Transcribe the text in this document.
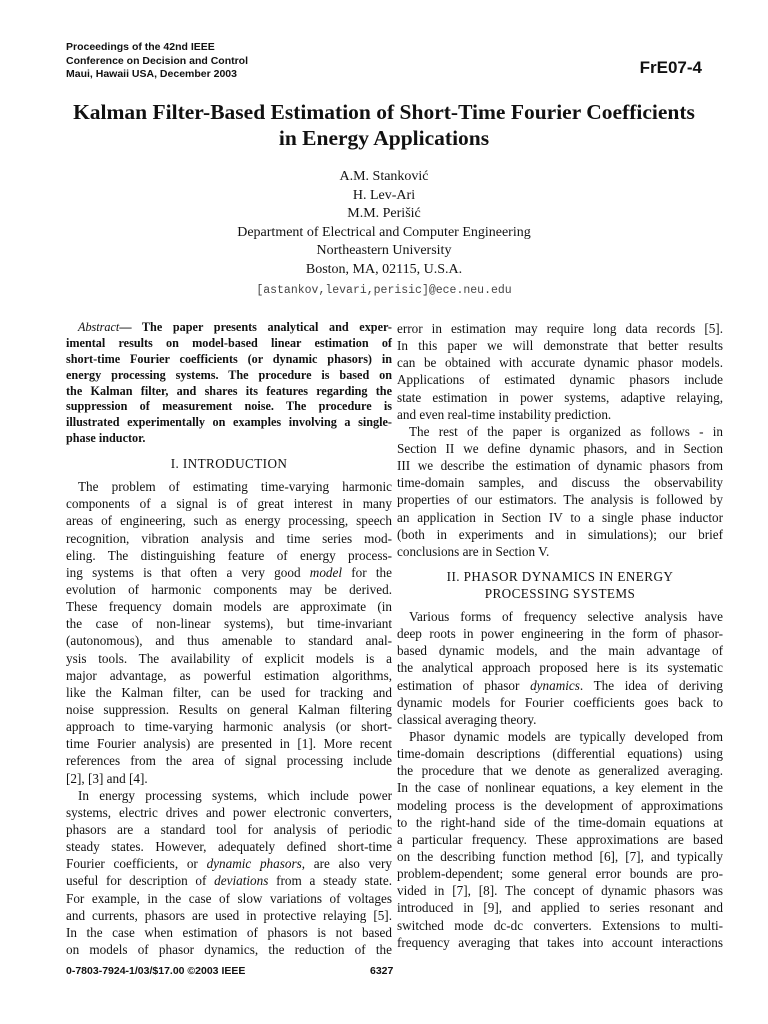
Proceedings of the 42nd IEEE
Conference on Decision and Control
Maui, Hawaii USA, December 2003	FrE07-4
Kalman Filter-Based Estimation of Short-Time Fourier Coefficients
in Energy Applications
A.M. Stanković
H. Lev-Ari
M.M. Perišić
Department of Electrical and Computer Engineering
Northeastern University
Boston, MA, 02115, U.S.A.
[astankov,levari,perisic]@ece.neu.edu
Abstract— The paper presents analytical and exper-
imental results on model-based linear estimation of
short-time Fourier coefficients (or dynamic phasors) in
energy processing systems. The procedure is based on
the Kalman filter, and shares its features regarding the
suppression of measurement noise. The procedure is
illustrated experimentally on examples involving a single-
phase inductor.
I. INTRODUCTION
The problem of estimating time-varying harmonic
components of a signal is of great interest in many
areas of engineering, such as energy processing, speech
recognition, vibration analysis and time series mod-
eling. The distinguishing feature of energy process-
ing systems is that often a very good model for the
evolution of harmonic components may be derived.
These frequency domain models are approximate (in
the case of non-linear systems), but time-invariant
(autonomous), and thus amenable to standard anal-
ysis tools. The availability of explicit models is a
major advantage, as powerful estimation algorithms,
like the Kalman filter, can be used for tracking and
noise suppression. Results on general Kalman filtering
approach to time-varying harmonic analysis (or short-
time Fourier analysis) are presented in [1]. More recent
references from the area of signal processing include
[2], [3] and [4].
In energy processing systems, which include power
systems, electric drives and power electronic converters,
phasors are a standard tool for analysis of periodic
steady states. However, adequately defined short-time
Fourier coefficients, or dynamic phasors, are also very
useful for description of deviations from a steady state.
For example, in the case of slow variations of voltages
and currents, phasors are used in protective relaying [5].
In the case when estimation of phasors is not based
on models of phasor dynamics, the reduction of the
error in estimation may require long data records [5].
In this paper we will demonstrate that better results
can be obtained with accurate dynamic phasor models.
Applications of estimated dynamic phasors include
state estimation in power systems, adaptive relaying,
and even real-time instability prediction.
The rest of the paper is organized as follows - in
Section II we define dynamic phasors, and in Section
III we describe the estimation of dynamic phasors from
time-domain samples, and discuss the observability
properties of our estimators. The analysis is followed by
an application in Section IV to a single phase inductor
(both in experiments and in simulations); our brief
conclusions are in Section V.
II. PHASOR DYNAMICS IN ENERGY
PROCESSING SYSTEMS
Various forms of frequency selective analysis have
deep roots in power engineering in the form of phasor-
based dynamic models, and the main advantage of
the analytical approach proposed here is its systematic
estimation of phasor dynamics. The idea of deriving
dynamic models for Fourier coefficients goes back to
classical averaging theory.
Phasor dynamic models are typically developed from
time-domain descriptions (differential equations) using
the procedure that we denote as generalized averaging.
In the case of nonlinear equations, a key element in the
modeling process is the development of approximations
to the right-hand side of the time-domain equations at
a particular frequency. These approximations are based
on the describing function method [6], [7], and typically
problem-dependent; some general error bounds are pro-
vided in [7], [8]. The concept of dynamic phasors was
introduced in [9], and applied to series resonant and
switched mode dc-dc converters. Extensions to multi-
frequency averaging that takes into account interactions
0-7803-7924-1/03/$17.00 ©2003 IEEE	6327
